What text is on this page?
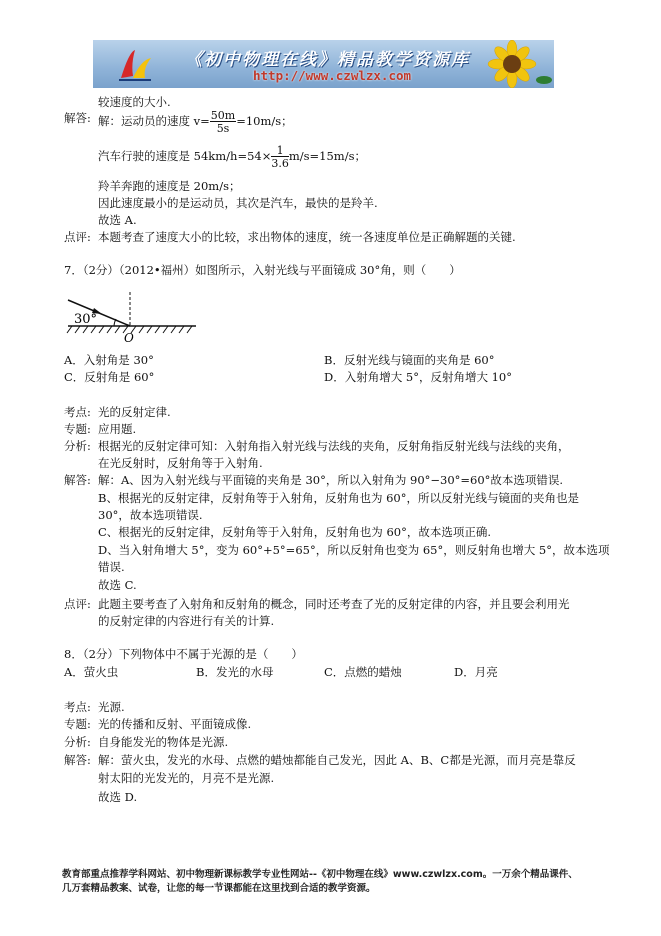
《初中物理在线》精品教学资源库
http://www.czwlzx.com
较速度的大小.
解答: 解：运动员的速度 $v= \frac{50m}{5s} =10m/s$；
汽车行驶的速度是 $54km/h=54\times \frac{1}{3.6} m/s=15m/s$；
羚羊奔跑的速度是 20m/s；
因此速度最小的是运动员，其次是汽车，最快的是羚羊.
故选 A.
点评: 本题考查了速度大小的比较，求出物体的速度，统一各速度单位是正确解题的关键.
7．（2分）（2012•福州）如图所示，入射光线与平面镜成 30°角，则（　　）
30°
O
A．入射角是 30°	B．反射光线与镜面的夹角是 60°
C．反射角是 60°	D．入射角增大 5°，反射角增大 10°
考点: 光的反射定律.
专题: 应用题.
分析: 根据光的反射定律可知：入射角指入射光线与法线的夹角，反射角指反射光线与法线的夹角，
在光反射时，反射角等于入射角.
解答: 解：A、因为入射光线与平面镜的夹角是 30°，所以入射角为 90°−30°=60°故本选项错误.
B、根据光的反射定律，反射角等于入射角，反射角也为 60°，所以反射光线与镜面的夹角也是
30°，故本选项错误.
C、根据光的反射定律，反射角等于入射角，反射角也为 60°，故本选项正确.
D、当入射角增大 5°，变为 60°+5°=65°，所以反射角也变为 65°，则反射角也增大 5°，故本选项
错误.
故选 C.
点评: 此题主要考查了入射角和反射角的概念，同时还考查了光的反射定律的内容，并且要会利用光
的反射定律的内容进行有关的计算.
8．（2分）下列物体中不属于光源的是（　　）
A．萤火虫	B．发光的水母	C．点燃的蜡烛	D．月亮
考点: 光源.
专题: 光的传播和反射、平面镜成像.
分析: 自身能发光的物体是光源.
解答: 解：萤火虫，发光的水母、点燃的蜡烛都能自己发光，因此 A、B、C都是光源，而月亮是靠反
射太阳的光发光的，月亮不是光源.
故选 D.
教育部重点推荐学科网站、初中物理新课标教学专业性网站--《初中物理在线》www.czwlzx.com。一万余个精品课件、
几万套精品教案、试卷，让您的每一节课都能在这里找到合适的教学资源。
